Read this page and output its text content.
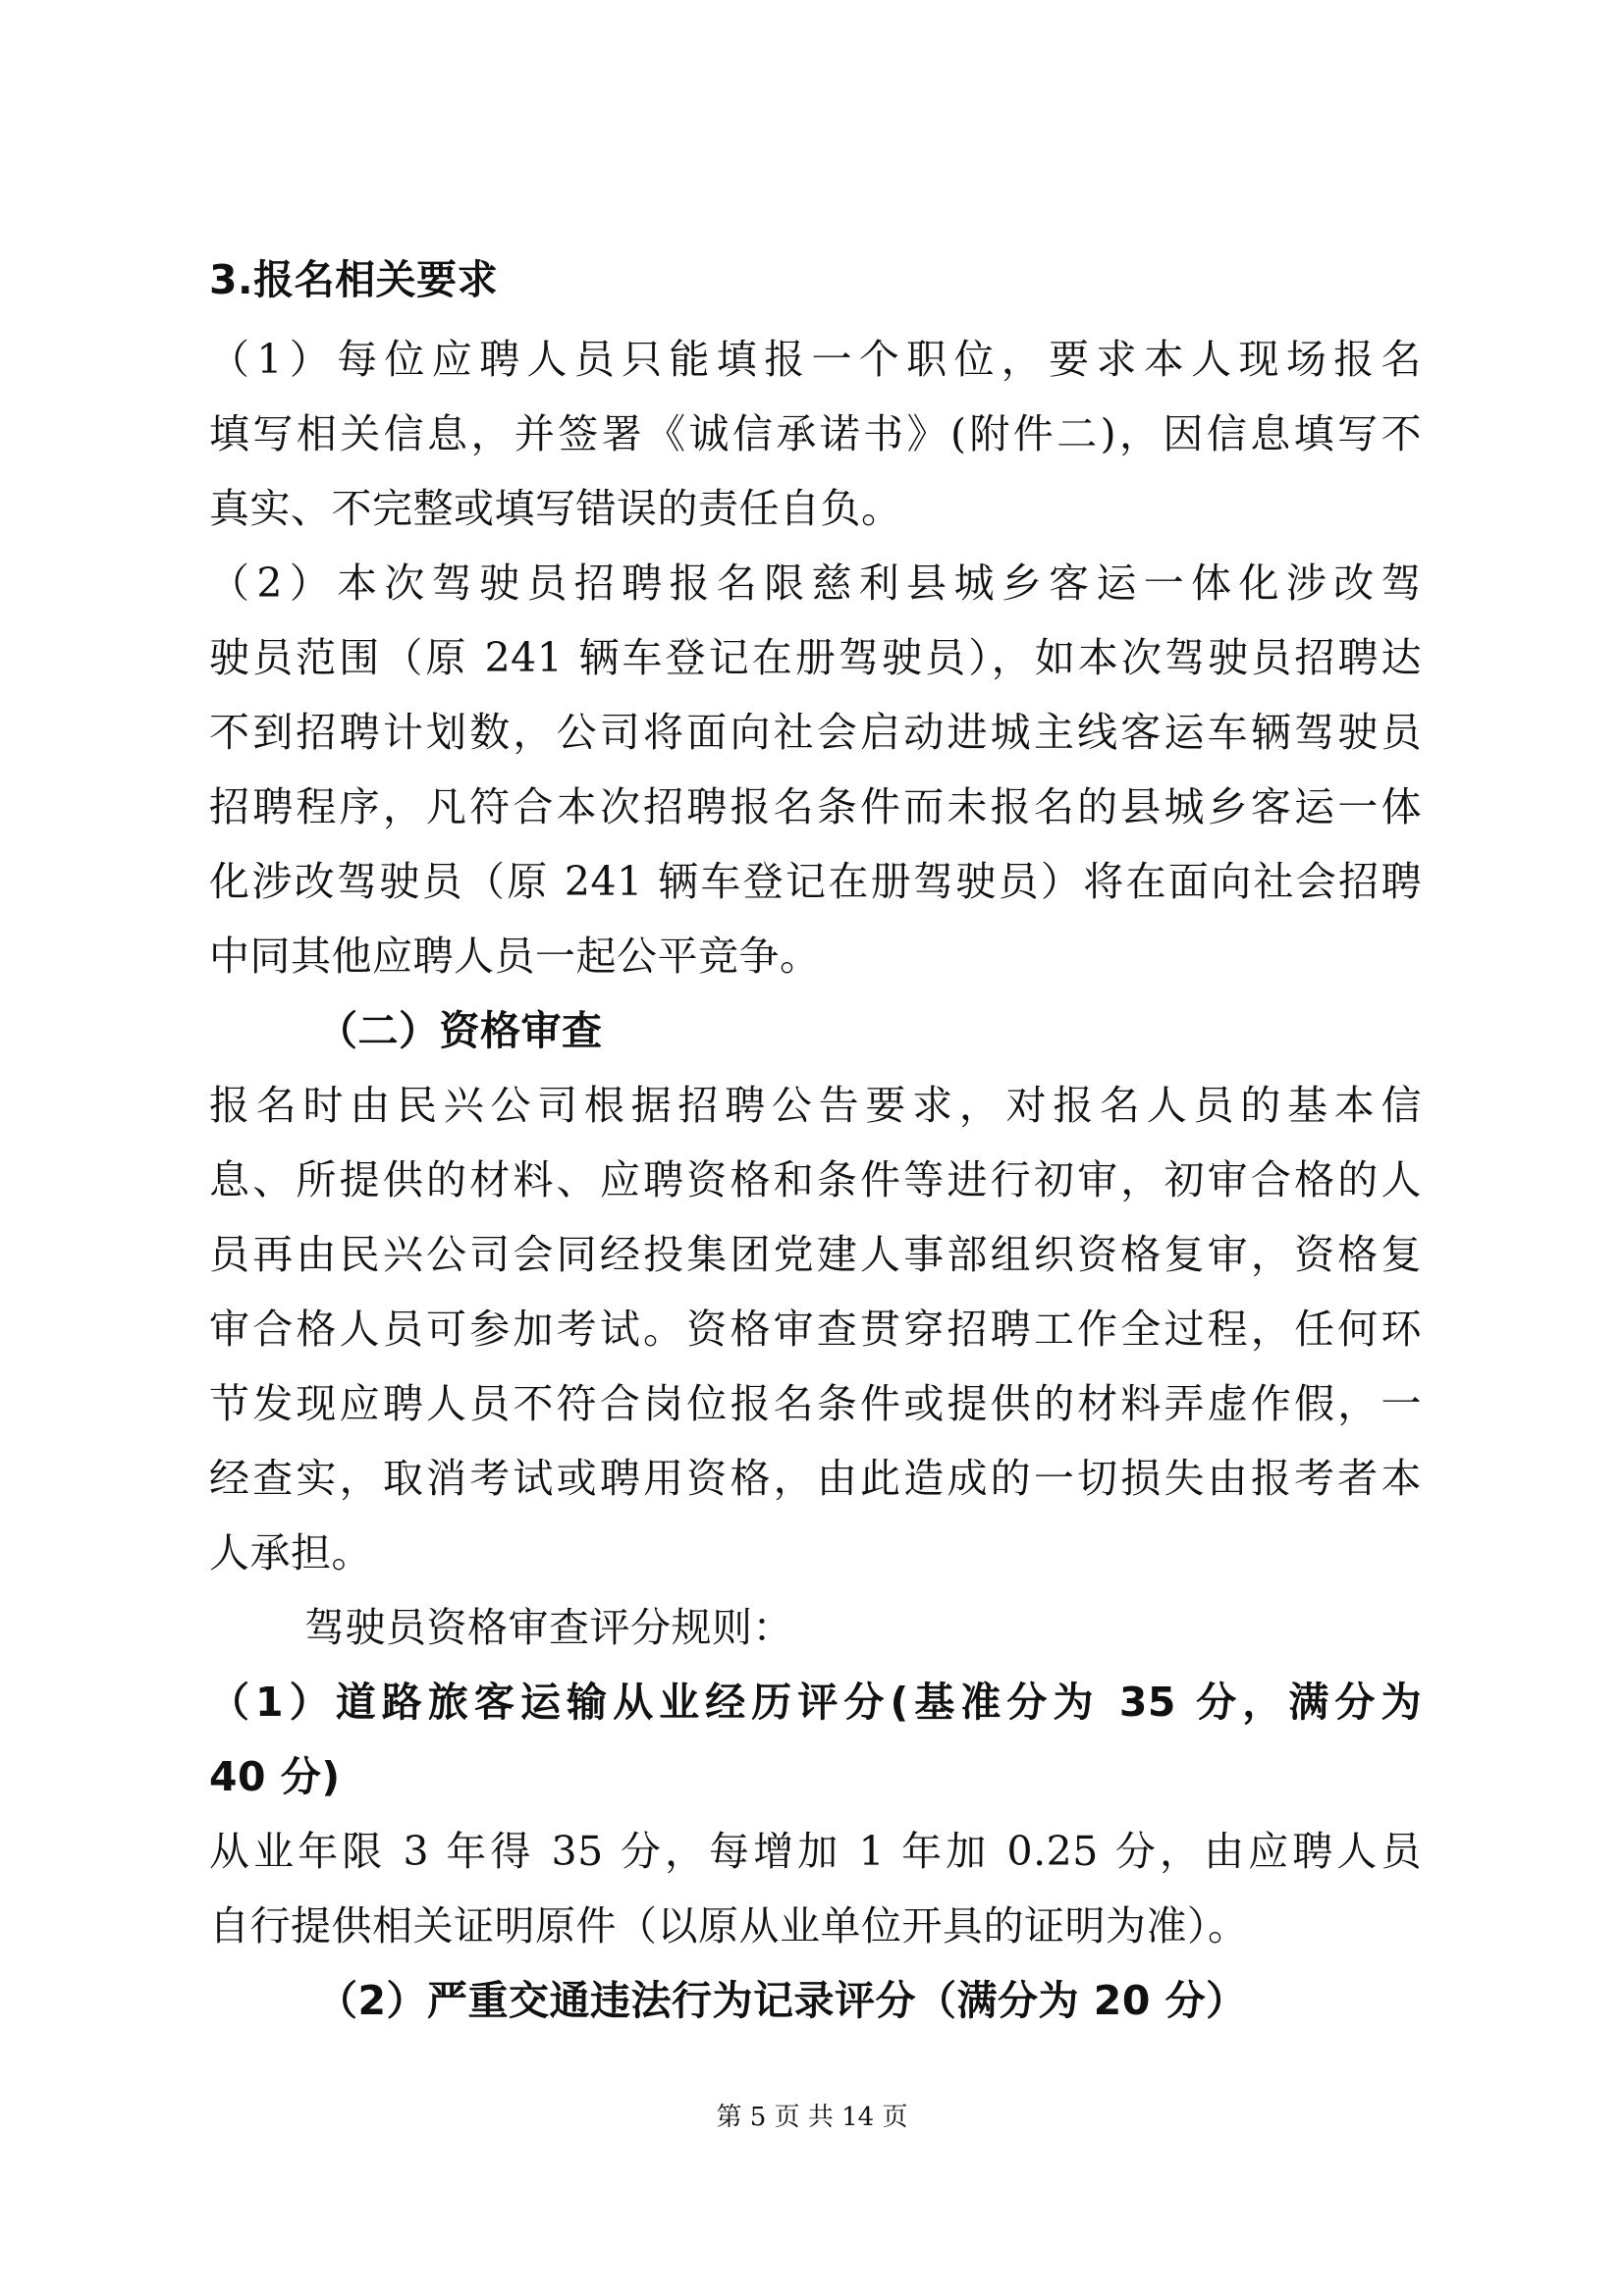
3.报名相关要求
（1）每位应聘人员只能填报一个职位，要求本人现场报名
填写相关信息，并签署《诚信承诺书》(附件二)，因信息填写不
真实、不完整或填写错误的责任自负。
（2）本次驾驶员招聘报名限慈利县城乡客运一体化涉改驾
驶员范围（原 241 辆车登记在册驾驶员），如本次驾驶员招聘达
不到招聘计划数，公司将面向社会启动进城主线客运车辆驾驶员
招聘程序，凡符合本次招聘报名条件而未报名的县城乡客运一体
化涉改驾驶员（原 241 辆车登记在册驾驶员）将在面向社会招聘
中同其他应聘人员一起公平竞争。
（二）资格审查
报名时由民兴公司根据招聘公告要求，对报名人员的基本信
息、所提供的材料、应聘资格和条件等进行初审，初审合格的人
员再由民兴公司会同经投集团党建人事部组织资格复审，资格复
审合格人员可参加考试。资格审查贯穿招聘工作全过程，任何环
节发现应聘人员不符合岗位报名条件或提供的材料弄虚作假，一
经查实，取消考试或聘用资格，由此造成的一切损失由报考者本
人承担。
驾驶员资格审查评分规则：
（1）道路旅客运输从业经历评分(基准分为 35 分，满分为
40 分)
从业年限 3 年得 35 分，每增加 1 年加 0.25 分，由应聘人员
自行提供相关证明原件（以原从业单位开具的证明为准）。
（2）严重交通违法行为记录评分（满分为 20 分）
第 5 页 共 14 页
